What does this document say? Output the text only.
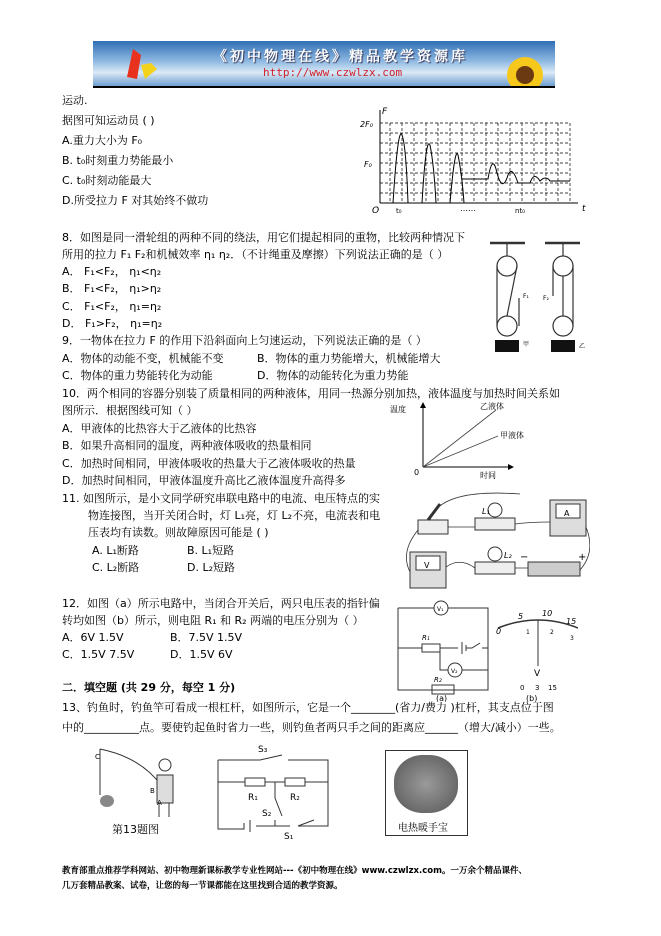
《初中物理在线》精品教学资源库
http://www.czwlzx.com
运动.
据图可知运动员 ( )
A.重力大小为 F₀
B. t₀时刻重力势能最小
C. t₀时刻动能最大
D.所受拉力 F 对其始终不做功
F
t
2F₀
F₀
O t₀	nt₀
……
8．如图是同一滑轮组的两种不同的绕法，用它们提起相同的重物，比较两种情况下
所用的拉力 F₁ F₂和机械效率 η₁ η₂．（不计绳重及摩擦）下列说法正确的是（ ）
A． F₁<F₂， η₁<η₂
B． F₁<F₂， η₁>η₂
C． F₁<F₂， η₁=η₂
D． F₁>F₂， η₁=η₂
F₁ F₂
甲	乙
9．一物体在拉力 F 的作用下沿斜面向上匀速运动，下列说法正确的是（ ）
A．物体的动能不变，机械能不变	B．物体的重力势能增大，机械能增大
C．物体的重力势能转化为动能	D．物体的动能转化为重力势能
10．两个相同的容器分别装了质量相同的两种液体，用同一热源分别加热，液体温度与加热时间关系如
图所示．根据图线可知（ ）
A．甲液体的比热容大于乙液体的比热容
B．如果升高相同的温度，两种液体吸收的热量相同
C．加热时间相同，甲液体吸收的热量大于乙液体吸收的热量
D．加热时间相同，甲液体温度升高比乙液体温度升高得多
温度
时间
0
乙液体
甲液体
11. 如图所示，是小文同学研究串联电路中的电流、电压特点的实
物连接图，当开关闭合时，灯 L₁亮，灯 L₂不亮，电流表和电
压表均有读数。则故障原因可能是 ( )
A. L₁断路	B. L₁短路
C. L₂断路	D. L₂短路
L₁
L₂
A
V
−	+
12．如图（a）所示电路中，当闭合开关后，两只电压表的指针偏
转均如图（b）所示，则电阻 R₁ 和 R₂ 两端的电压分别为（ ）
A．6V 1.5V	B．7.5V 1.5V
C．1.5V 7.5V	D．1.5V 6V
V₁
R₁
V₂
R₂
0
5 10
15
1	2
3
V
0 3 15
(a)	(b)
二．填空题 (共 29 分，每空 1 分)
13、钓鱼时，钓鱼竿可看成一根杠杆，如图所示，它是一个________(省力/费力 )杠杆，其支点位于图
中的__________点。要使钓起鱼时省力一些，则钓鱼者两只手之间的距离应______（增大/减小）一些。
C
B
A
第13题图
S₃
R₁	R₂
S₂
S₁
电热暖手宝
教育部重点推荐学科网站、初中物理新课标教学专业性网站---《初中物理在线》www.czwlzx.com。一万余个精品课件、
几万套精品教案、试卷，让您的每一节课都能在这里找到合适的教学资源。
